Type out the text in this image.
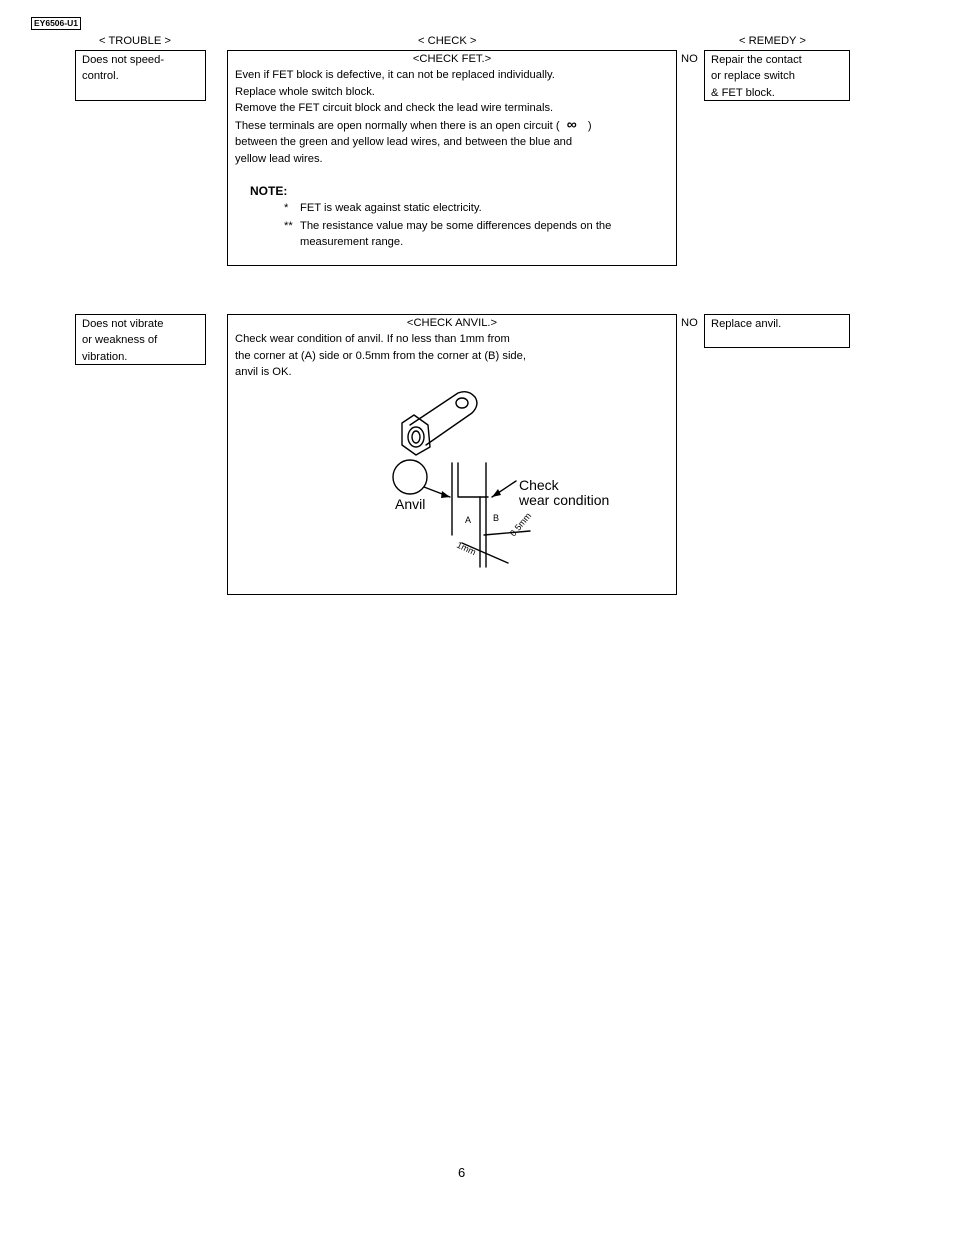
EY6506-U1
< TROUBLE >	< CHECK >	< REMEDY >
Does not speed-
control.
<CHECK FET.>
Even if FET block is defective, it can not be replaced individually.
Replace whole switch block.
Remove the FET circuit block and check the lead wire terminals.
These terminals are open normally when there is an open circuit ( ∞ )
between the green and yellow lead wires, and between the blue and
yellow lead wires.
NOTE:
* FET is weak against static electricity.
** The resistance value may be some differences depends on the
measurement range.
NO Repair the contact
or replace switch
& FET block.
Does not vibrate
or weakness of
vibration.
<CHECK ANVIL.>
Check wear condition of anvil. If no less than 1mm from
the corner at (A) side or 0.5mm from the corner at (B) side,
anvil is OK.
Anvil
Check
wear condition
A B 0.5mm
1mm
NO Replace anvil.
6
